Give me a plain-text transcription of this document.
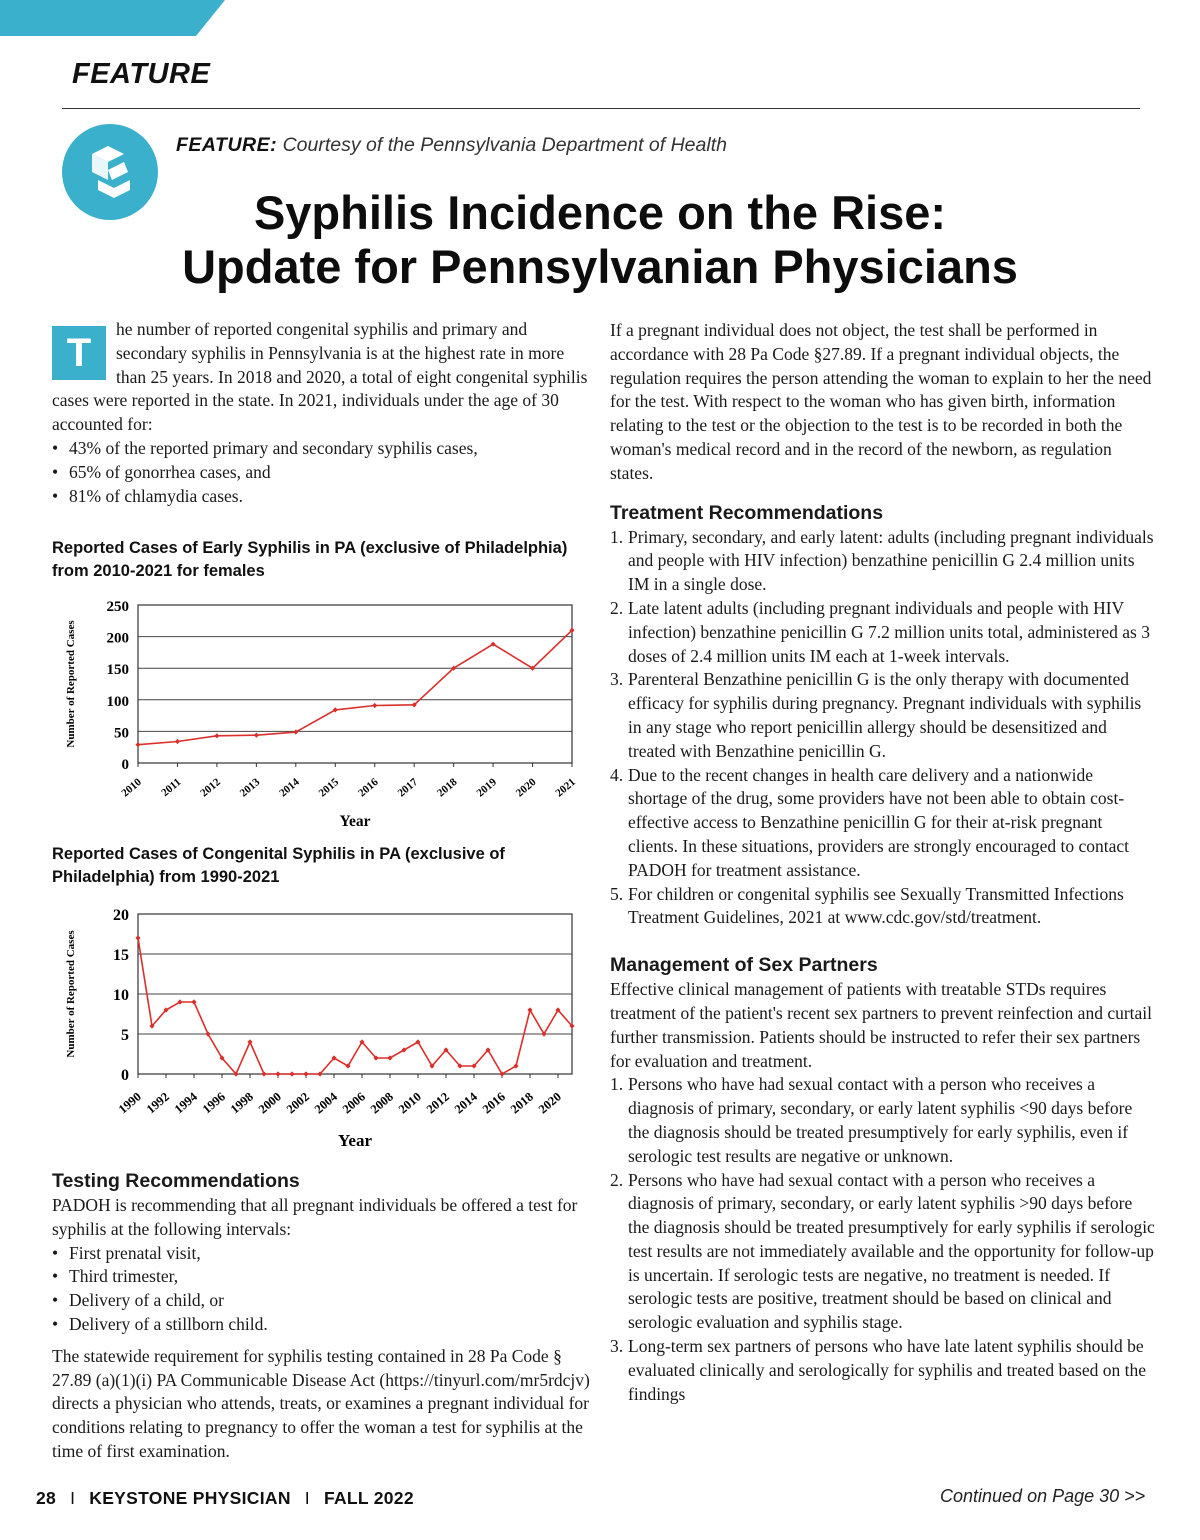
FEATURE
FEATURE: Courtesy of the Pennsylvania Department of Health
Syphilis Incidence on the Rise:
Update for Pennsylvanian Physicians
T

he number of reported congenital syphilis and primary and secondary syphilis in Pennsylvania is at the highest rate in more than 25 years. In 2018 and 2020, a total of eight congenital syphilis cases were reported in the state. In 2021, individuals under the age of 30 accounted for:

• 43% of the reported primary and secondary syphilis cases,
• 65% of gonorrhea cases, and
• 81% of chlamydia cases.
Reported Cases of Early Syphilis in PA (exclusive of Philadelphia) from 2010-2021 for females
0
50
100
150
200
250
2010 2011 2012 2013 2014 2015 2016 2017 2018 2019 2020 2021
Year
Number of Reported Cases
Reported Cases of Congenital Syphilis in PA (exclusive of Philadelphia) from 1990-2021
0
5
10
15
20
1990 1992 1994 1996 1998 2000 2002 2004 2006 2008 2010 2012 2014 2016 2018 2020
Year
Number of Reported Cases
Testing Recommendations

PADOH is recommending that all pregnant individuals be offered a test for syphilis at the following intervals:

• First prenatal visit,
• Third trimester,
• Delivery of a child, or
• Delivery of a stillborn child.

The statewide requirement for syphilis testing contained in 28 Pa Code § 27.89 (a)(1)(i) PA Communicable Disease Act (https://tinyurl.com/mr5rdcjv) directs a physician who attends, treats, or examines a pregnant individual for conditions relating to pregnancy to offer the woman a test for syphilis at the time of first examination.

If a pregnant individual does not object, the test shall be performed in accordance with 28 Pa Code §27.89. If a pregnant individual objects, the regulation requires the person attending the woman to explain to her the need for the test. With respect to the woman who has given birth, information relating to the test or the objection to the test is to be recorded in both the woman's medical record and in the record of the newborn, as regulation states.

Treatment Recommendations
1. Primary, secondary, and early latent: adults (including pregnant individuals and people with HIV infection) benzathine penicillin G 2.4 million units IM in a single dose.
2. Late latent adults (including pregnant individuals and people with HIV infection) benzathine penicillin G 7.2 million units total, administered as 3 doses of 2.4 million units IM each at 1-week intervals.
3. Parenteral Benzathine penicillin G is the only therapy with documented efficacy for syphilis during pregnancy. Pregnant individuals with syphilis in any stage who report penicillin allergy should be desensitized and treated with Benzathine penicillin G.
4. Due to the recent changes in health care delivery and a nationwide shortage of the drug, some providers have not been able to obtain cost-effective access to Benzathine penicillin G for their at-risk pregnant clients. In these situations, providers are strongly encouraged to contact PADOH for treatment assistance.
5. For children or congenital syphilis see Sexually Transmitted Infections Treatment Guidelines, 2021 at www.cdc.gov/std/treatment.
Management of Sex Partners

Effective clinical management of patients with treatable STDs requires treatment of the patient's recent sex partners to prevent reinfection and curtail further transmission. Patients should be instructed to refer their sex partners for evaluation and treatment.

1. Persons who have had sexual contact with a person who receives a diagnosis of primary, secondary, or early latent syphilis <90 days before the diagnosis should be treated presumptively for early syphilis, even if serologic test results are negative or unknown.
2. Persons who have had sexual contact with a person who receives a diagnosis of primary, secondary, or early latent syphilis >90 days before the diagnosis should be treated presumptively for early syphilis if serologic test results are not immediately available and the opportunity for follow-up is uncertain. If serologic tests are negative, no treatment is needed. If serologic tests are positive, treatment should be based on clinical and serologic evaluation and syphilis stage.
3. Long-term sex partners of persons who have late latent syphilis should be evaluated clinically and serologically for syphilis and treated based on the findings
Continued on Page 30 >>
28 I KEYSTONE PHYSICIAN I FALL 2022
